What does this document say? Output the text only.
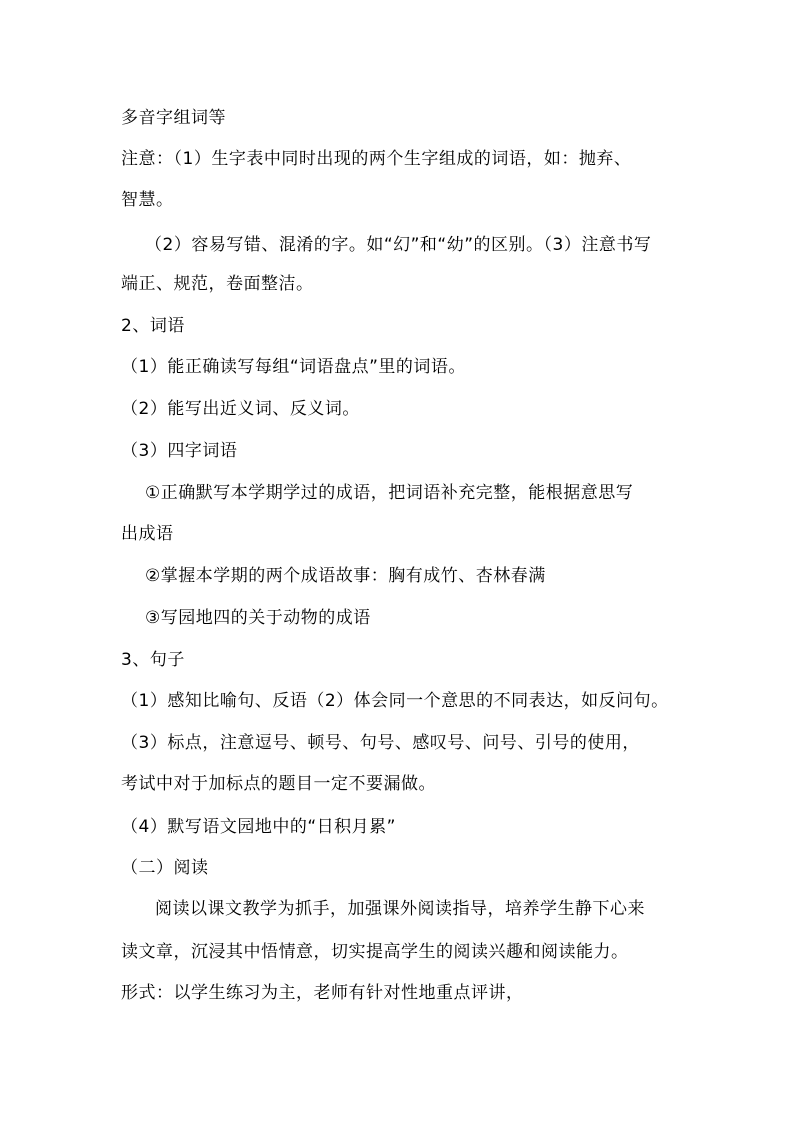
多音字组词等
注意：（1）生字表中同时出现的两个生字组成的词语，如：抛弃、
智慧。
（2）容易写错、混淆的字。如“幻”和“幼”的区别。（3）注意书写
端正、规范，卷面整洁。
2、词语
（1）能正确读写每组“词语盘点”里的词语。
（2）能写出近义词、反义词。
（3）四字词语
①正确默写本学期学过的成语，把词语补充完整，能根据意思写
出成语
②掌握本学期的两个成语故事：胸有成竹、杏林春满
③写园地四的关于动物的成语
3、句子
（1）感知比喻句、反语（2）体会同一个意思的不同表达，如反问句。
（3）标点，注意逗号、顿号、句号、感叹号、问号、引号的使用，
考试中对于加标点的题目一定不要漏做。
（4）默写语文园地中的“日积月累”
（二）阅读
阅读以课文教学为抓手，加强课外阅读指导，培养学生静下心来
读文章，沉浸其中悟情意，切实提高学生的阅读兴趣和阅读能力。
形式：以学生练习为主，老师有针对性地重点评讲，
